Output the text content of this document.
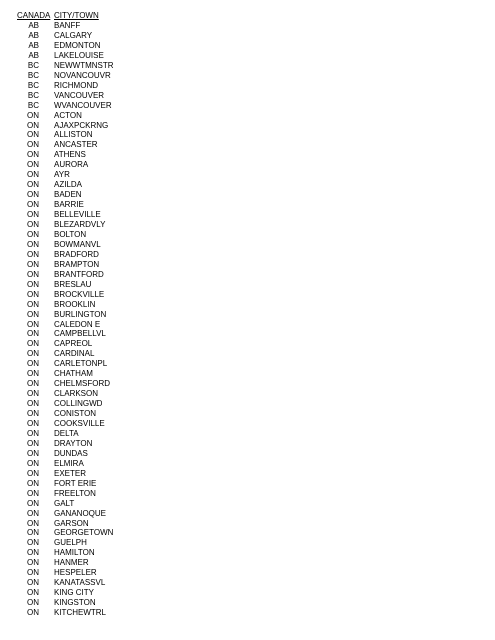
CANADA CITY/TOWN
AB BANFF
AB CALGARY
AB EDMONTON
AB LAKELOUISE
BC NEWWTMNSTR
BC NOVANCOUVR
BC RICHMOND
BC VANCOUVER
BC WVANCOUVER
ON ACTON
ON AJAXPCKRNG
ON ALLISTON
ON ANCASTER
ON ATHENS
ON AURORA
ON AYR
ON AZILDA
ON BADEN
ON BARRIE
ON BELLEVILLE
ON BLEZARDVLY
ON BOLTON
ON BOWMANVL
ON BRADFORD
ON BRAMPTON
ON BRANTFORD
ON BRESLAU
ON BROCKVILLE
ON BROOKLIN
ON BURLINGTON
ON CALEDON E
ON CAMPBELLVL
ON CAPREOL
ON CARDINAL
ON CARLETONPL
ON CHATHAM
ON CHELMSFORD
ON CLARKSON
ON COLLINGWD
ON CONISTON
ON COOKSVILLE
ON DELTA
ON DRAYTON
ON DUNDAS
ON ELMIRA
ON EXETER
ON FORT ERIE
ON FREELTON
ON GALT
ON GANANOQUE
ON GARSON
ON GEORGETOWN
ON GUELPH
ON HAMILTON
ON HANMER
ON HESPELER
ON KANATASSVL
ON KING CITY
ON KINGSTON
ON KITCHEWTRL
